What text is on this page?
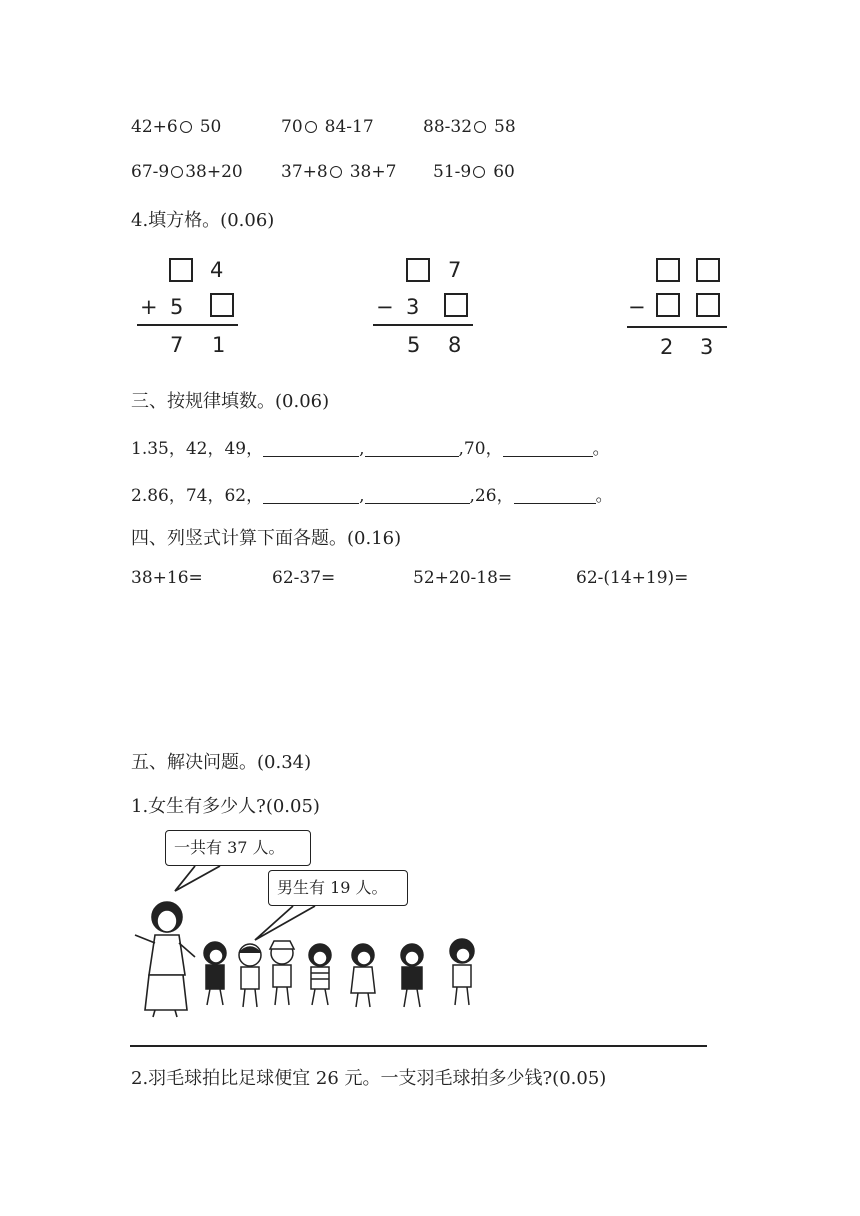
42+6 50	70 84-17	88-32 58
67-9 38+20 37+8 38+7 51-9 60
4.填方格。(0.06)
4
+ 5
7 1
7
− 3
5 8
−
2 3
三、按规律填数。(0.06)
1.35，42，49，	,	,70，	。
2.86，74，62，	,	,26，	。
四、列竖式计算下面各题。(0.16)
38+16=	62-37=	52+20-18=	62-(14+19)=
五、解决问题。(0.34)
1.女生有多少人?(0.05)
一共有 37 人。
男生有 19 人。
2.羽毛球拍比足球便宜 26 元。一支羽毛球拍多少钱?(0.05)
